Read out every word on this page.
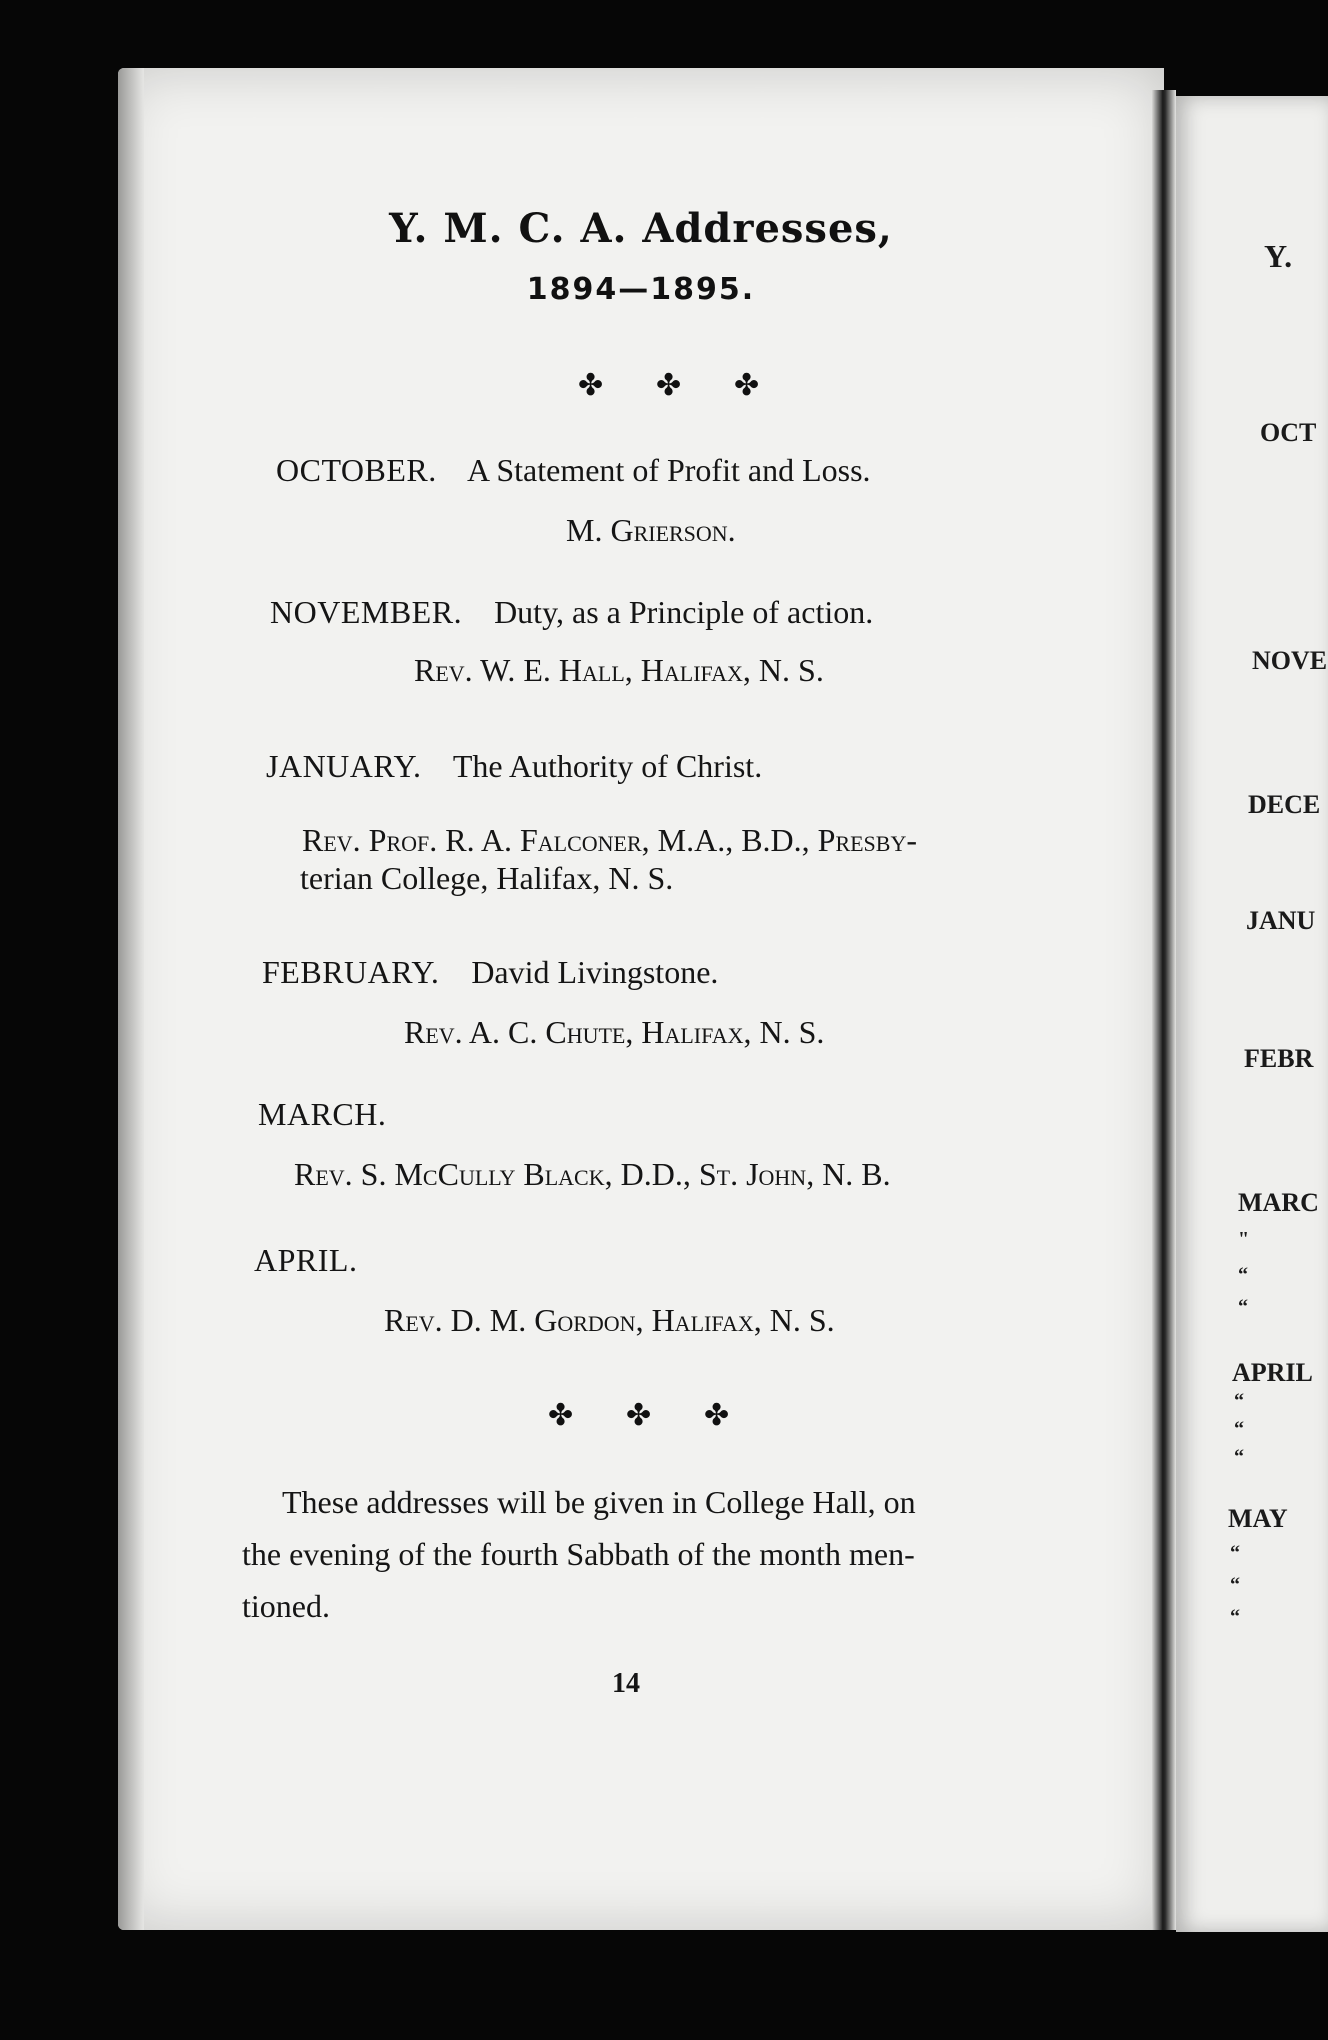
Y. M. C. A. Addresses,
1894—1895.
✤ ✤ ✤
OCTOBER. A Statement of Profit and Loss.
M. Grierson.
NOVEMBER. Duty, as a Principle of action.
Rev. W. E. Hall, Halifax, N. S.
JANUARY. The Authority of Christ.
Rev. Prof. R. A. Falconer, M.A., B.D., Presby-
terian College, Halifax, N. S.
FEBRUARY. David Livingstone.
Rev. A. C. Chute, Halifax, N. S.
MARCH.
Rev. S. McCully Black, D.D., St. John, N. B.
APRIL.
Rev. D. M. Gordon, Halifax, N. S.
✤ ✤ ✤

These addresses will be given in College Hall, on

the evening of the fourth Sabbath of the month men-

tioned.

14
Y.
OCT
NOVE
DECE
JANU
FEBR
MARC
APRIL
MAY
"
“
“
“
“
“
“
“
“
